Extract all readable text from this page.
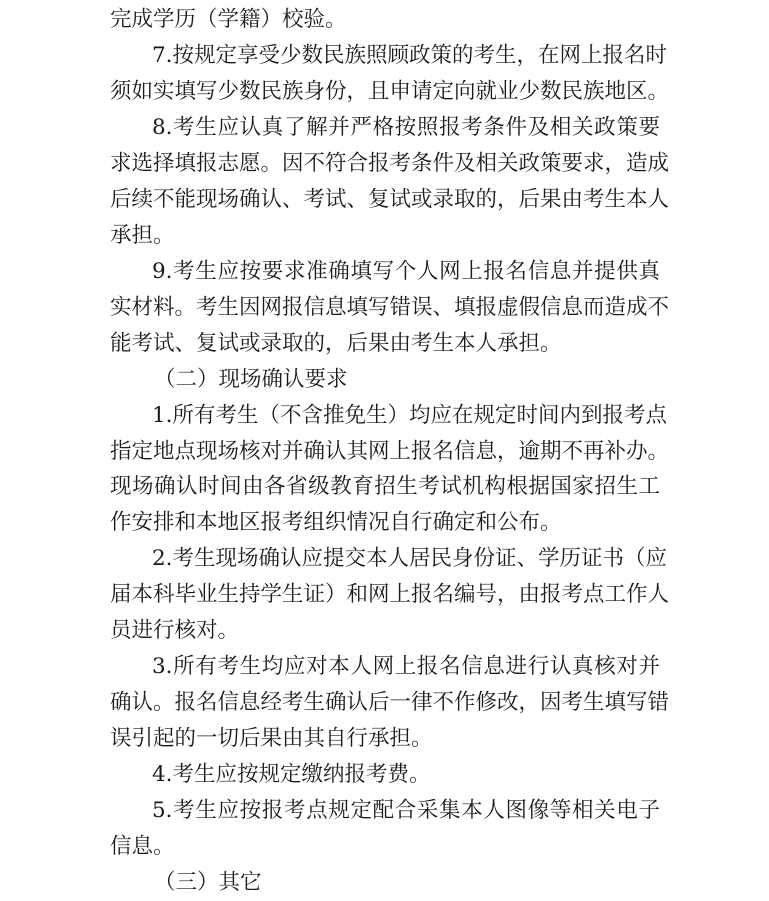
完成学历（学籍）校验。
7.按规定享受少数民族照顾政策的考生，在网上报名时
须如实填写少数民族身份，且申请定向就业少数民族地区。
8.考生应认真了解并严格按照报考条件及相关政策要
求选择填报志愿。因不符合报考条件及相关政策要求，造成
后续不能现场确认、考试、复试或录取的，后果由考生本人
承担。
9.考生应按要求准确填写个人网上报名信息并提供真
实材料。考生因网报信息填写错误、填报虚假信息而造成不
能考试、复试或录取的，后果由考生本人承担。
（二）现场确认要求
1.所有考生（不含推免生）均应在规定时间内到报考点
指定地点现场核对并确认其网上报名信息，逾期不再补办。
现场确认时间由各省级教育招生考试机构根据国家招生工
作安排和本地区报考组织情况自行确定和公布。
2.考生现场确认应提交本人居民身份证、学历证书（应
届本科毕业生持学生证）和网上报名编号，由报考点工作人
员进行核对。
3.所有考生均应对本人网上报名信息进行认真核对并
确认。报名信息经考生确认后一律不作修改，因考生填写错
误引起的一切后果由其自行承担。
4.考生应按规定缴纳报考费。
5.考生应按报考点规定配合采集本人图像等相关电子
信息。
（三）其它
